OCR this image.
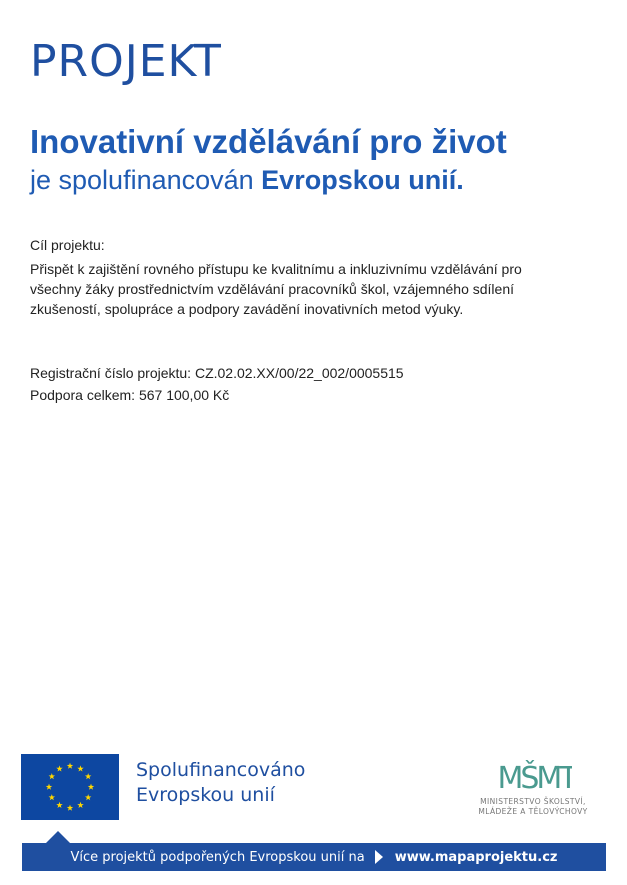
PROJEKT
Inovativní vzdělávání pro život
je spolufinancován Evropskou unií.
Cíl projektu:
Přispět k zajištění rovného přístupu ke kvalitnímu a inkluzivnímu vzdělávání pro všechny žáky prostřednictvím vzdělávání pracovníků škol, vzájemného sdílení zkušeností, spolupráce a podpory zavádění inovativních metod výuky.
Registrační číslo projektu: CZ.02.02.XX/00/22_002/0005515
Podpora celkem: 567 100,00 Kč
Spolufinancováno
Evropskou unií	MŠMT
MINISTERSTVO ŠKOLSTVÍ,
MLÁDEŽE A TĚLOVÝCHOVY
Více projektů podpořených Evropskou unií na www.mapaprojektu.cz
